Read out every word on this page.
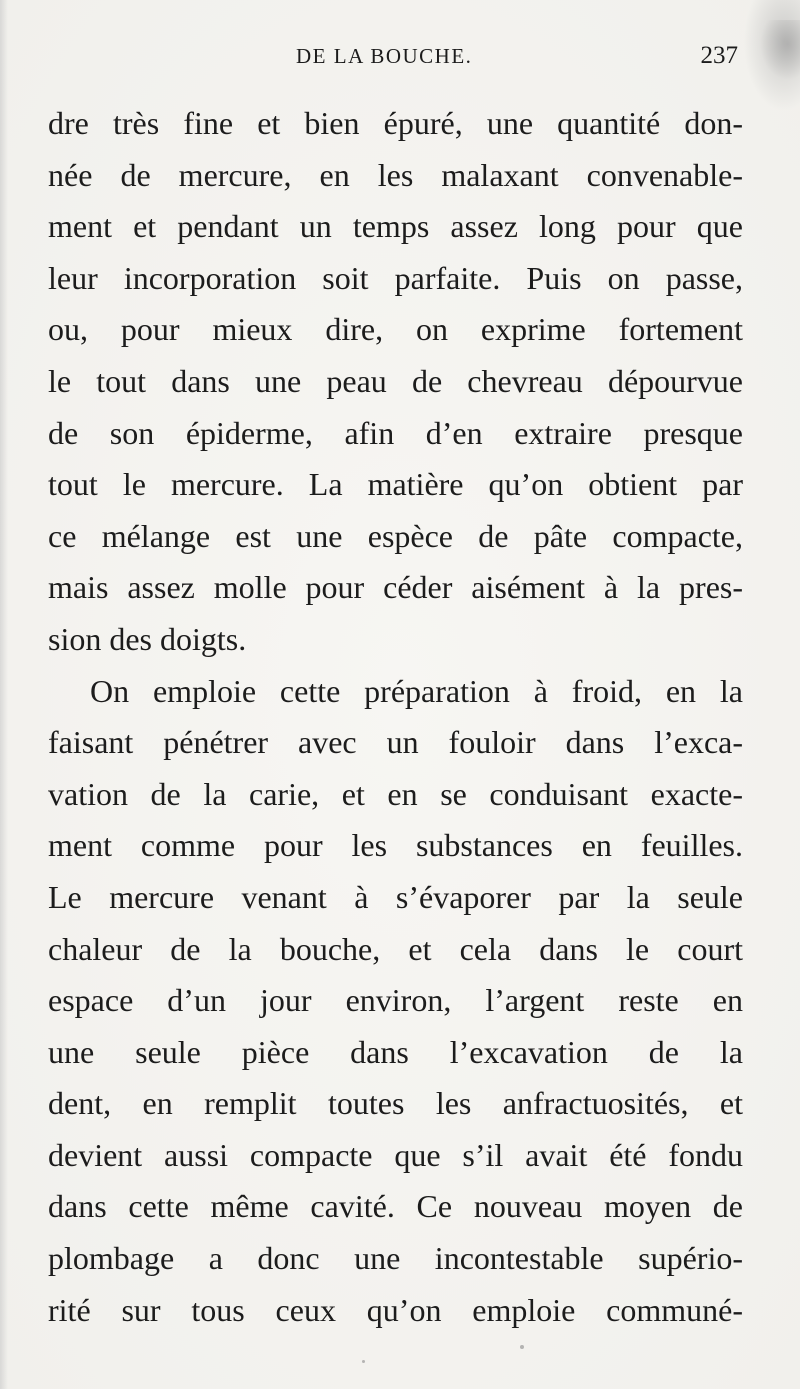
DE LA BOUCHE.	237
dre très fine et bien épuré, une quantité don-
née de mercure, en les malaxant convenable-
ment et pendant un temps assez long pour que
leur incorporation soit parfaite. Puis on passe,
ou, pour mieux dire, on exprime fortement
le tout dans une peau de chevreau dépourvue
de son épiderme, afin d’en extraire presque
tout le mercure. La matière qu’on obtient par
ce mélange est une espèce de pâte compacte,
mais assez molle pour céder aisément à la pres-
sion des doigts.
On emploie cette préparation à froid, en la
faisant pénétrer avec un fouloir dans l’exca-
vation de la carie, et en se conduisant exacte-
ment comme pour les substances en feuilles.
Le mercure venant à s’évaporer par la seule
chaleur de la bouche, et cela dans le court
espace d’un jour environ, l’argent reste en
une seule pièce dans l’excavation de la
dent, en remplit toutes les anfractuosités, et
devient aussi compacte que s’il avait été fondu
dans cette même cavité. Ce nouveau moyen de
plombage a donc une incontestable supério-
rité sur tous ceux qu’on emploie communé-
